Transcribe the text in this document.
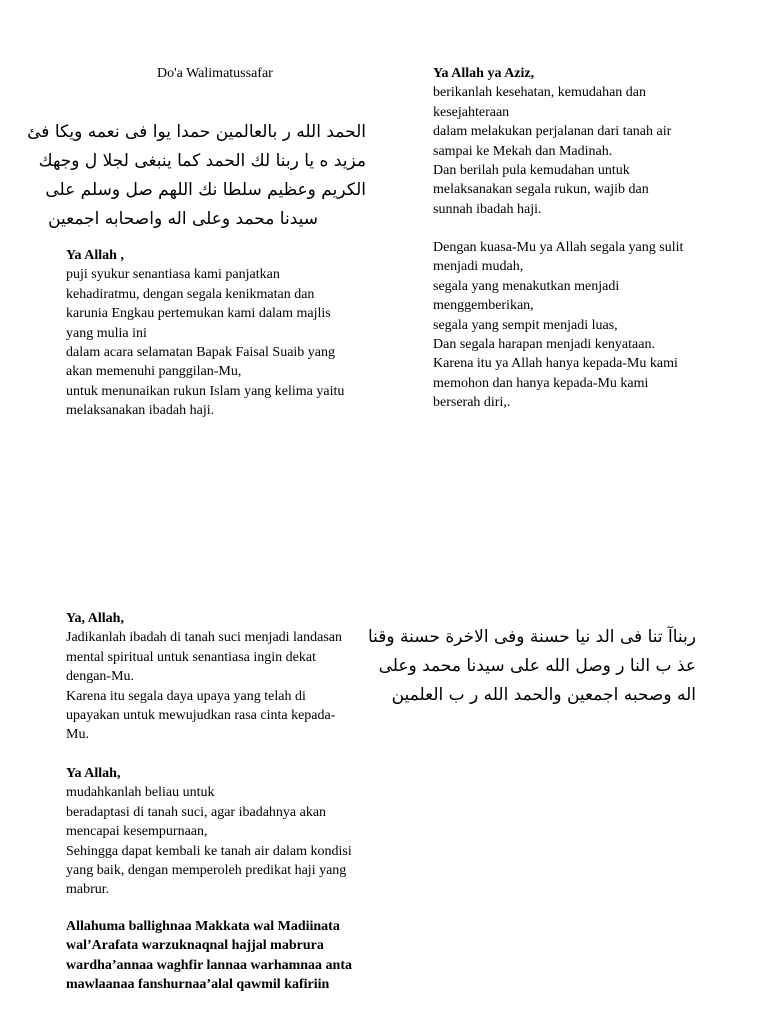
Do'a Walimatussafar
الحمد الله ر بالعالمين حمدا يوا فى نعمه ويكا فئ
مزيد ه يا ربنا لك الحمد كما ينبغى لجلا ل وجهك
الكريم وعظيم سلطا نك اللهم صل وسلم على
سيدنا محمد وعلى اله واصحابه اجمعين
Ya Allah ,
puji syukur senantiasa kami panjatkan
kehadiratmu, dengan segala kenikmatan dan
karunia Engkau pertemukan kami dalam majlis
yang mulia ini
dalam acara selamatan Bapak Faisal Suaib yang
akan memenuhi panggilan-Mu,
untuk menunaikan rukun Islam yang kelima yaitu
melaksanakan ibadah haji.
Ya Allah ya Aziz,
berikanlah kesehatan, kemudahan dan
kesejahteraan
dalam melakukan perjalanan dari tanah air
sampai ke Mekah dan Madinah.
Dan berilah pula kemudahan untuk
melaksanakan segala rukun, wajib dan
sunnah ibadah haji.
Dengan kuasa-Mu ya Allah segala yang sulit
menjadi mudah,
segala yang menakutkan menjadi
menggemberikan,
segala yang sempit menjadi luas,
Dan segala harapan menjadi kenyataan.
Karena itu ya Allah hanya kepada-Mu kami
memohon dan hanya kepada-Mu kami
berserah diri,.
Ya, Allah,
Jadikanlah ibadah di tanah suci menjadi landasan
mental spiritual untuk senantiasa ingin dekat
dengan-Mu.
Karena itu segala daya upaya yang telah di
upayakan untuk mewujudkan rasa cinta kepada-
Mu.
Ya Allah,
mudahkanlah beliau untuk
beradaptasi di tanah suci, agar ibadahnya akan
mencapai kesempurnaan,
Sehingga dapat kembali ke tanah air dalam kondisi
yang baik, dengan memperoleh predikat haji yang
mabrur.
Allahuma ballighnaa Makkata wal Madiinata
wal’Arafata warzuknaqnal hajjal mabrura
wardha’annaa waghfir lannaa warhamnaa anta
mawlaanaa fanshurnaa’alal qawmil kafiriin
ربناآ تنا فى الد نيا حسنة وفى الاخرة حسنة وقنا
عذ ب النا ر وصل الله على سيدنا محمد وعلى
اله وصحبه اجمعين والحمد الله ر ب العلمين
